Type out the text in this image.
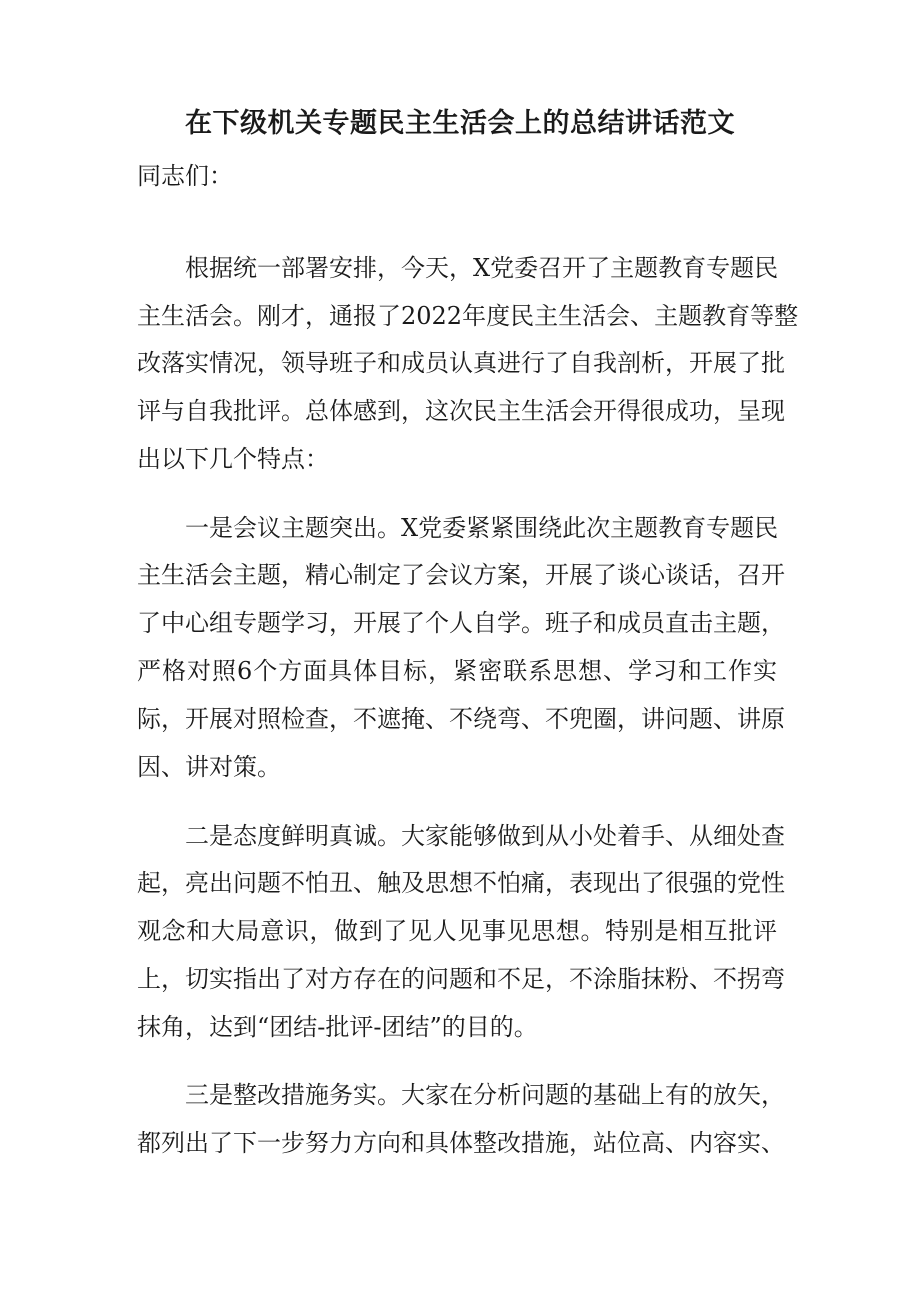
在下级机关专题民主生活会上的总结讲话范文
同志们：
根据统一部署安排，今天，X党委召开了主题教育专题民
主生活会。刚才，通报了2022年度民主生活会、主题教育等整
改落实情况，领导班子和成员认真进行了自我剖析，开展了批
评与自我批评。总体感到，这次民主生活会开得很成功，呈现
出以下几个特点：
一是会议主题突出。X党委紧紧围绕此次主题教育专题民
主生活会主题，精心制定了会议方案，开展了谈心谈话，召开
了中心组专题学习，开展了个人自学。班子和成员直击主题，
严格对照6个方面具体目标，紧密联系思想、学习和工作实
际，开展对照检查，不遮掩、不绕弯、不兜圈，讲问题、讲原
因、讲对策。
二是态度鲜明真诚。大家能够做到从小处着手、从细处查
起，亮出问题不怕丑、触及思想不怕痛，表现出了很强的党性
观念和大局意识，做到了见人见事见思想。特别是相互批评
上，切实指出了对方存在的问题和不足，不涂脂抹粉、不拐弯
抹角，达到“团结-批评-团结”的目的。
三是整改措施务实。大家在分析问题的基础上有的放矢，
都列出了下一步努力方向和具体整改措施，站位高、内容实、
